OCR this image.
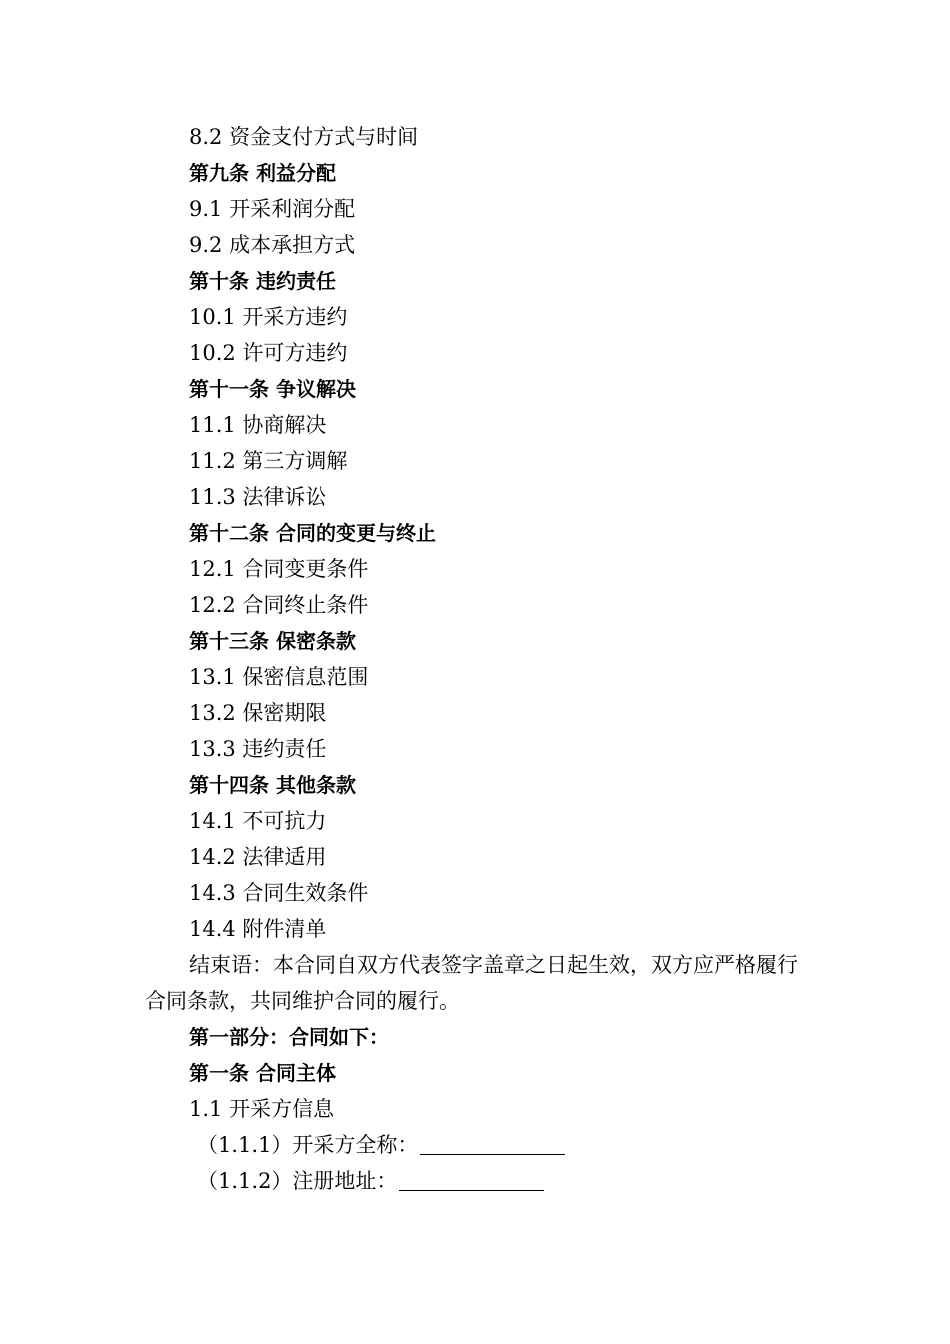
8.2 资金支付方式与时间
第九条 利益分配
9.1 开采利润分配
9.2 成本承担方式
第十条 违约责任
10.1 开采方违约
10.2 许可方违约
第十一条 争议解决
11.1 协商解决
11.2 第三方调解
11.3 法律诉讼
第十二条 合同的变更与终止
12.1 合同变更条件
12.2 合同终止条件
第十三条 保密条款
13.1 保密信息范围
13.2 保密期限
13.3 违约责任
第十四条 其他条款
14.1 不可抗力
14.2 法律适用
14.3 合同生效条件
14.4 附件清单
结束语：本合同自双方代表签字盖章之日起生效，双方应严格履行合同条款，共同维护合同的履行。
第一部分：合同如下：
第一条 合同主体
1.1 开采方信息
（1.1.1）开采方全称：
（1.1.2）注册地址：
